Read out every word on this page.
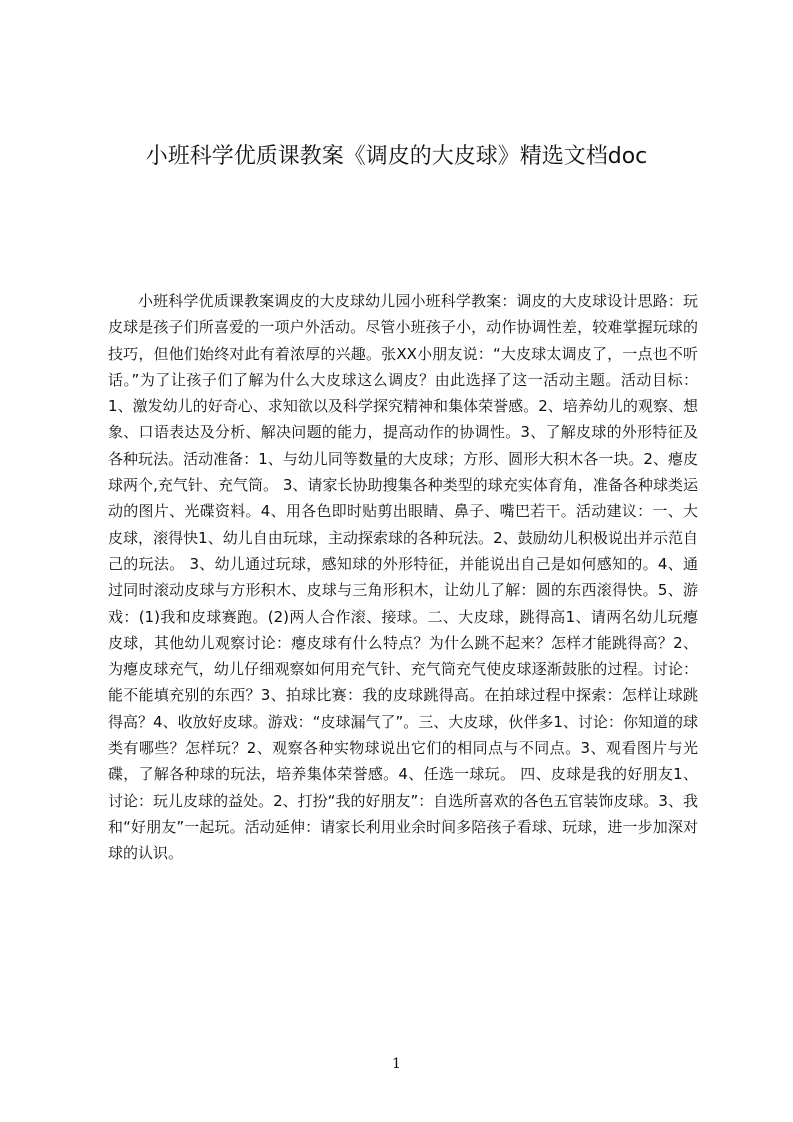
小班科学优质课教案《调皮的大皮球》精选文档doc

小班科学优质课教案调皮的大皮球幼儿园小班科学教案：调皮的大皮球设计思路：玩皮球是孩子们所喜爱的一项户外活动。尽管小班孩子小，动作协调性差，较难掌握玩球的技巧，但他们始终对此有着浓厚的兴趣。张XX小朋友说：“大皮球太调皮了，一点也不听话。”为了让孩子们了解为什么大皮球这么调皮？由此选择了这一活动主题。活动目标：1、激发幼儿的好奇心、求知欲以及科学探究精神和集体荣誉感。2、培养幼儿的观察、想象、口语表达及分析、解决问题的能力，提高动作的协调性。3、了解皮球的外形特征及各种玩法。活动准备：1、与幼儿同等数量的大皮球；方形、圆形大积木各一块。2、瘪皮球两个,充气针、充气筒。 3、请家长协助搜集各种类型的球充实体育角，准备各种球类运动的图片、光碟资料。4、用各色即时贴剪出眼睛、鼻子、嘴巴若干。活动建议：一、大皮球，滚得快1、幼儿自由玩球，主动探索球的各种玩法。2、鼓励幼儿积极说出并示范自己的玩法。 3、幼儿通过玩球，感知球的外形特征，并能说出自己是如何感知的。4、通过同时滚动皮球与方形积木、皮球与三角形积木，让幼儿了解：圆的东西滚得快。5、游戏：(1)我和皮球赛跑。(2)两人合作滚、接球。二、大皮球，跳得高1、请两名幼儿玩瘪皮球，其他幼儿观察讨论：瘪皮球有什么特点？为什么跳不起来？怎样才能跳得高？2、为瘪皮球充气，幼儿仔细观察如何用充气针、充气筒充气使皮球逐渐鼓胀的过程。讨论：能不能填充别的东西？3、拍球比赛：我的皮球跳得高。在拍球过程中探索：怎样让球跳得高？4、收放好皮球。游戏：“皮球漏气了”。三、大皮球，伙伴多1、讨论：你知道的球类有哪些？怎样玩？2、观察各种实物球说出它们的相同点与不同点。3、观看图片与光碟，了解各种球的玩法，培养集体荣誉感。4、任选一球玩。 四、皮球是我的好朋友1、讨论：玩儿皮球的益处。2、打扮“我的好朋友”：自选所喜欢的各色五官装饰皮球。3、我和“好朋友”一起玩。活动延伸：请家长利用业余时间多陪孩子看球、玩球，进一步加深对球的认识。

1
